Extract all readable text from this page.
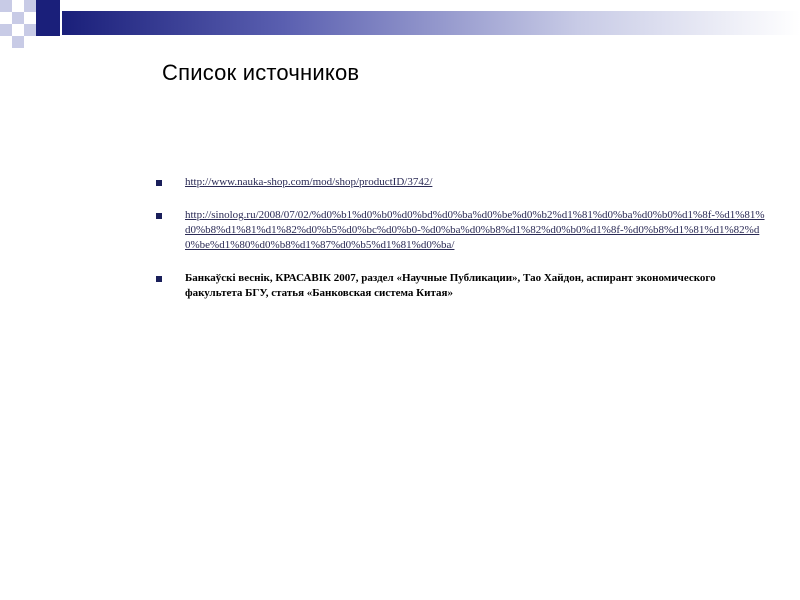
Список источников
http://www.nauka-shop.com/mod/shop/productID/3742/
http://sinolog.ru/2008/07/02/%d0%b1%d0%b0%d0%bd%d0%ba%d0%be%d0%b2%d1%81%d0%ba%d0%b0%d1%8f-%d1%81%d0%b8%d1%81%d1%82%d0%b5%d0%bc%d0%b0-%d0%ba%d0%b8%d1%82%d0%b0%d1%8f-%d0%b8%d1%81%d1%82%d0%be%d1%80%d0%b8%d1%87%d0%b5%d1%81%d0%ba/
Банкаўскі веснік, КРАСАВІК 2007, раздел «Научные Публикации», Тао Хайдон, аспирант экономического факультета БГУ, статья «Банковская система Китая»
